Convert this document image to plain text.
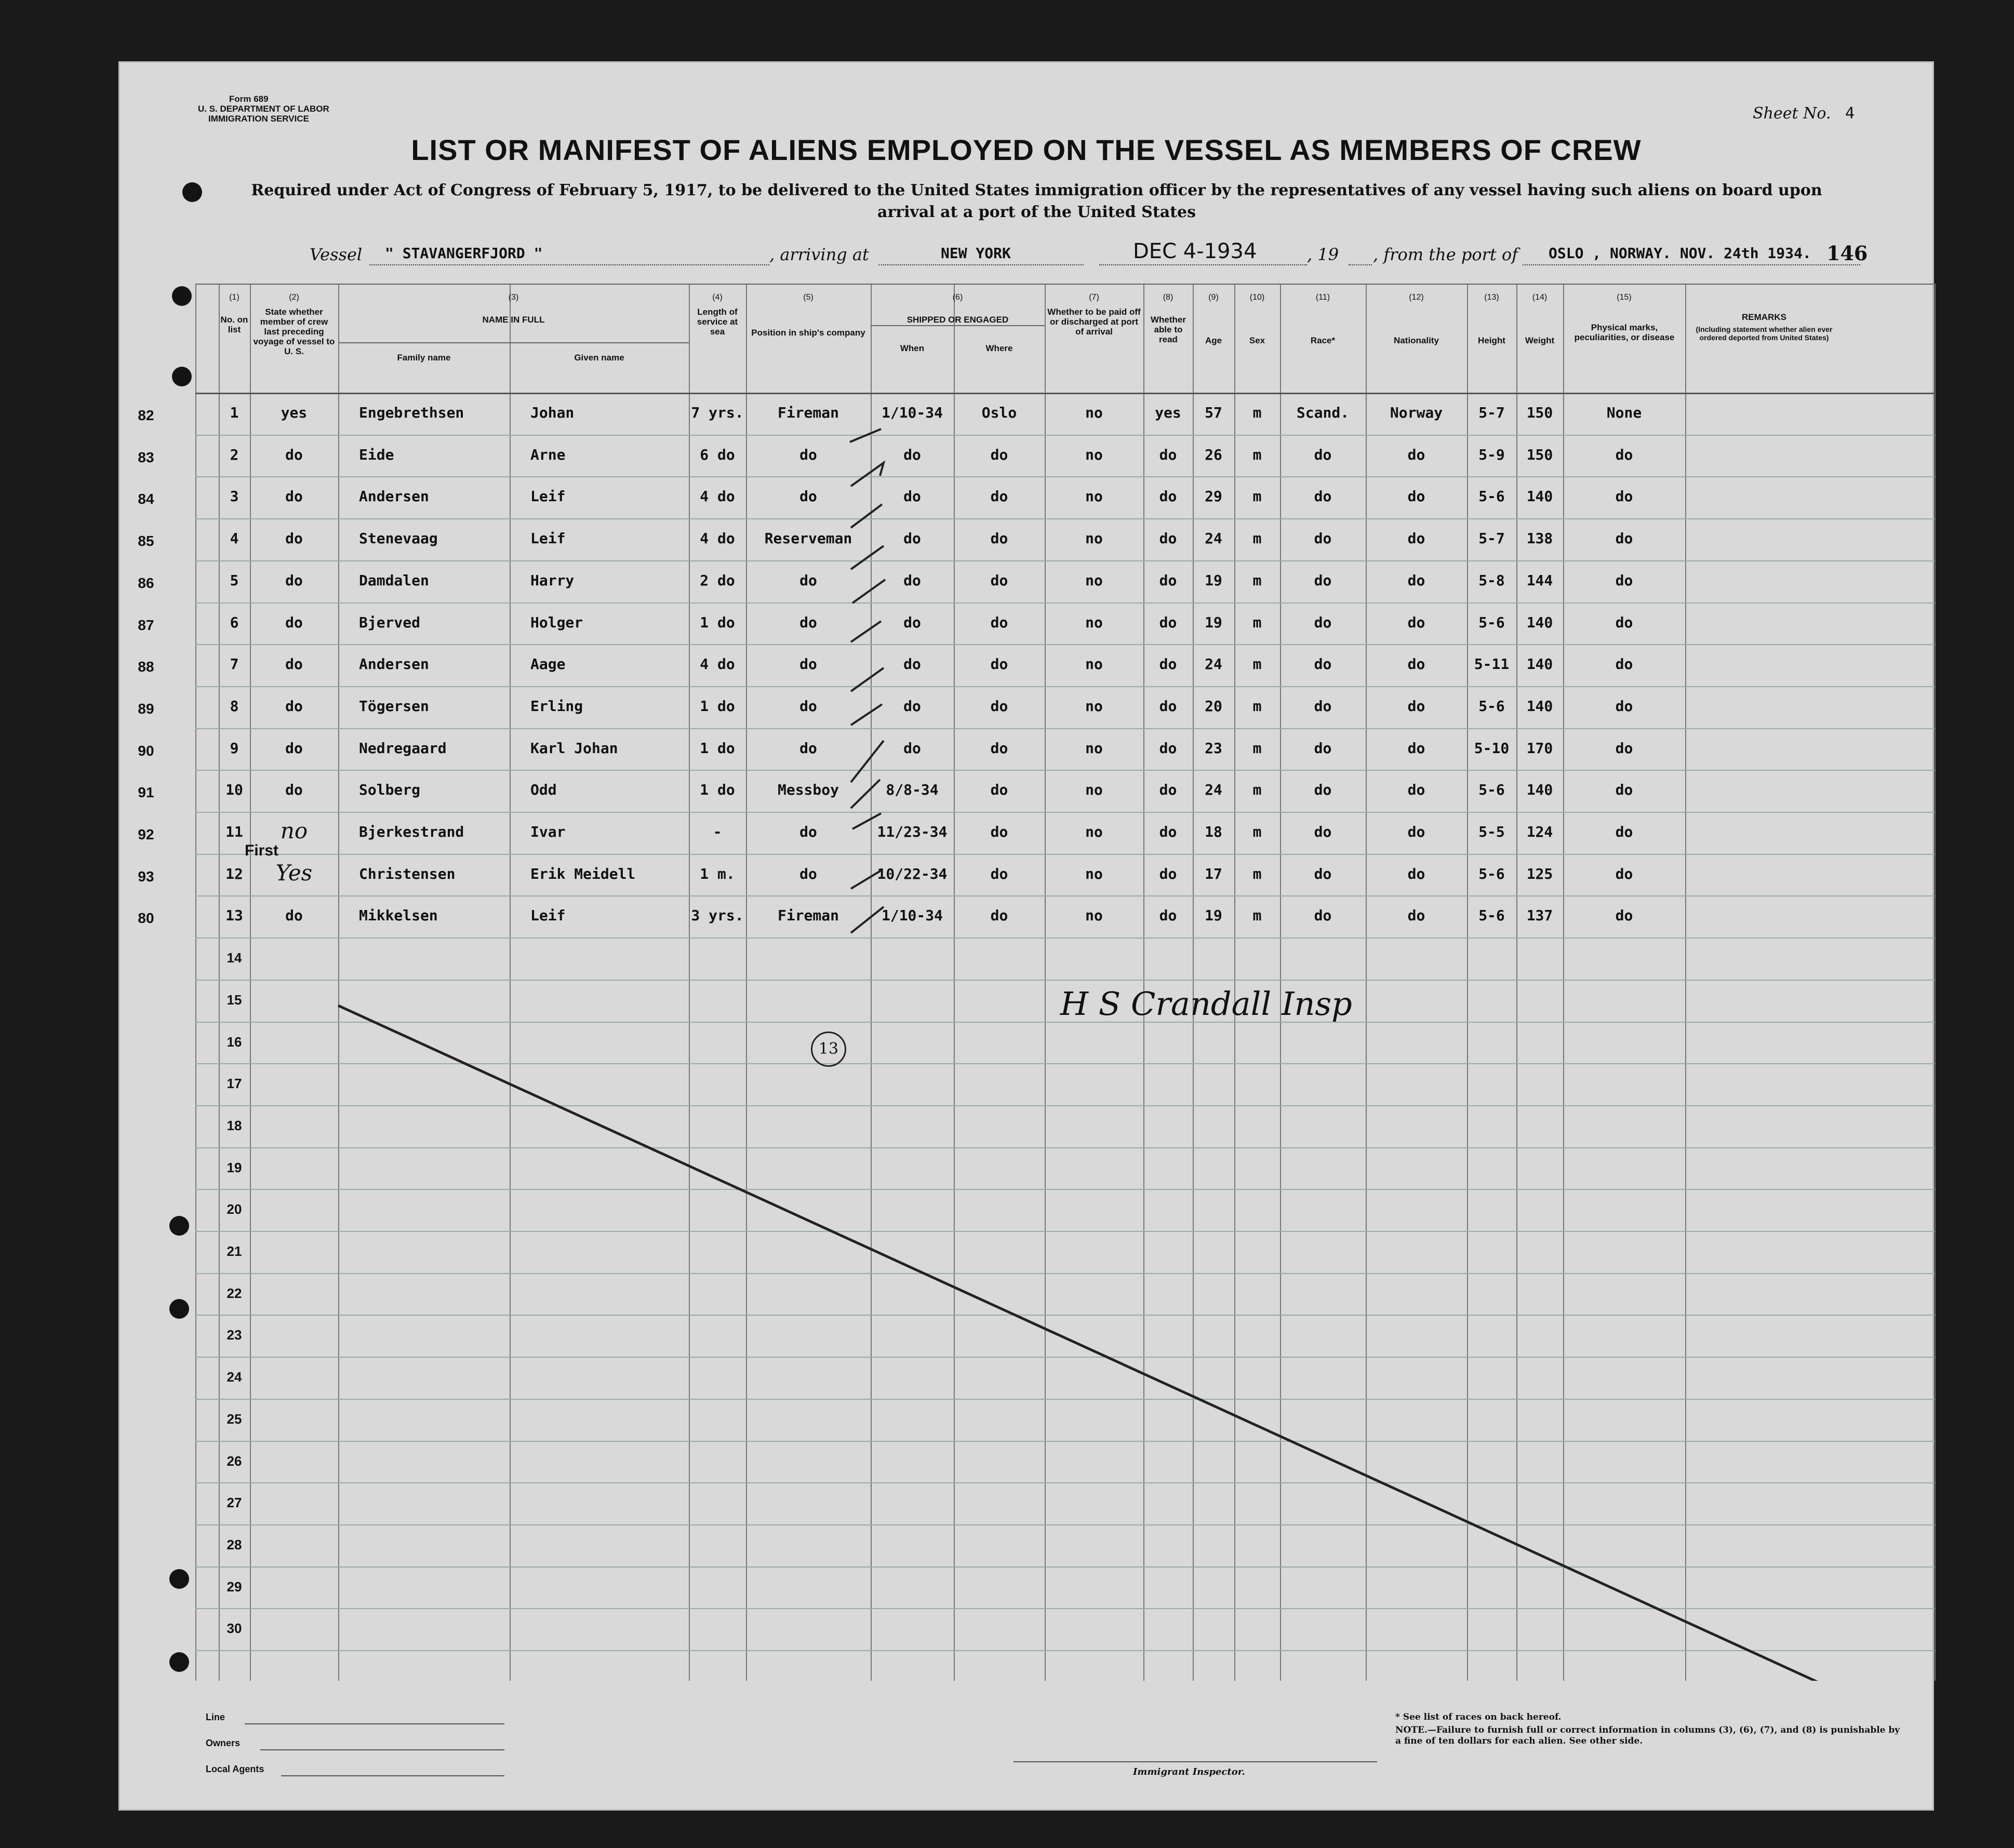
Form 689
U. S. DEPARTMENT OF LABOR
IMMIGRATION SERVICE	Sheet No. 4
LIST OR MANIFEST OF ALIENS EMPLOYED ON THE VESSEL AS MEMBERS OF CREW
Required under Act of Congress of February 5, 1917, to be delivered to the United States immigration officer by the representatives of any vessel having such aliens on board upon arrival at a port of the United States
Vessel " STAVANGERFJORD "	, arriving at	NEW YORK	DEC 4-1934	, 19 , from the port of OSLO , NORWAY. NOV. 24th 1934. 146
(1)	(2)	(3)	(4)	(5)	(6)	(7)	(8)	(9)	(10)	(11)	(12)	(13)	(14)	(15)
No. on list
State whether member of crew last preceding voyage of vessel to U. S.
NAME IN FULL
Family name	Given name
Length of service at sea	Position in ship's company
SHIPPED OR ENGAGED
When	Where
Whether to be paid off or discharged at port of arrival
Whether able to read	Age	Sex	Race*	Nationality	Height	Weight
Physical marks, peculiarities, or disease
REMARKS
(Including statement whether alien ever ordered deported from United States)
82	1	yes	Engebrethsen	Johan	7 yrs.	Fireman	1/10-34	Oslo	no	yes	57	m	Scand.	Norway	5-7	150	None
83	2	do	Eide	Arne	6 do	do	do	do	no	do	26	m	do	do	5-9	150	do
84	3	do	Andersen	Leif	4 do	do	do	do	no	do	29	m	do	do	5-6	140	do
85	4	do	Stenevaag	Leif	4 do	Reserveman	do	do	no	do	24	m	do	do	5-7	138	do
86	5	do	Damdalen	Harry	2 do	do	do	do	no	do	19	m	do	do	5-8	144	do
87	6	do	Bjerved	Holger	1 do	do	do	do	no	do	19	m	do	do	5-6	140	do
88	7	do	Andersen	Aage	4 do	do	do	do	no	do	24	m	do	do	5-11	140	do
89	8	do	Tögersen	Erling	1 do	do	do	do	no	do	20	m	do	do	5-6	140	do
90	9	do	Nedregaard	Karl Johan	1 do	do	do	do	no	do	23	m	do	do	5-10	170	do
91	10	do	Solberg	Odd	1 do	Messboy	8/8-34	do	no	do	24	m	do	do	5-6	140	do
92	11	no	Bjerkestrand	Ivar	-	do	11/23-34	do	no	do	18	m	do	do	5-5	124	do
93	12	Yes	Christensen	Erik Meidell	1 m.	do	10/22-34	do	no	do	17	m	do	do	5-6	125	do
80	13	do	Mikkelsen	Leif	3 yrs.	Fireman	1/10-34	do	no	do	19	m	do	do	5-6	137	do
14
15
16
17
18
19
20
21
22
23
24
25
26
27
28
29
30
First
H S Crandall Insp
13
Line
Owners
Local Agents	Immigrant Inspector.
* See list of races on back hereof.
NOTE.—Failure to furnish full or correct information in columns (3), (6), (7), and (8) is punishable by a fine of ten dollars for each alien. See other side.
